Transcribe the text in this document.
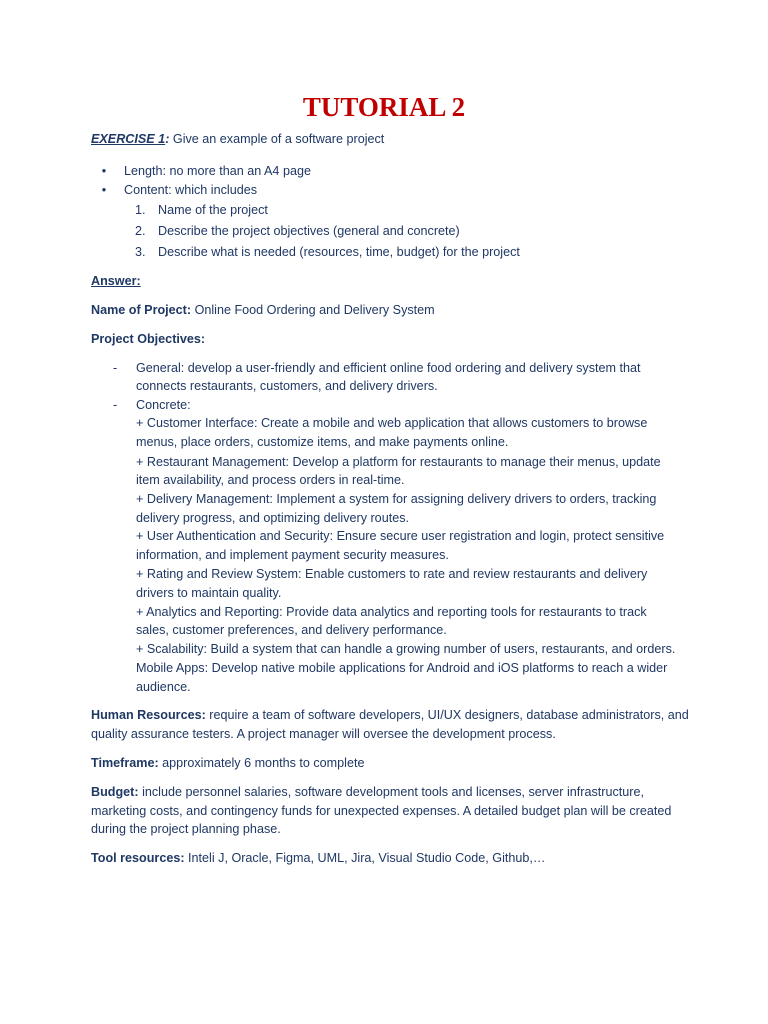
TUTORIAL 2
EXERCISE 1: Give an example of a software project
• Length: no more than an A4 page
• Content: which includes
1. Name of the project
2. Describe the project objectives (general and concrete)
3. Describe what is needed (resources, time, budget) for the project
Answer:
Name of Project: Online Food Ordering and Delivery System
Project Objectives:
- General: develop a user-friendly and efficient online food ordering and delivery system that
connects restaurants, customers, and delivery drivers.
- Concrete:
+ Customer Interface: Create a mobile and web application that allows customers to browse
menus, place orders, customize items, and make payments online.
+ Restaurant Management: Develop a platform for restaurants to manage their menus, update
item availability, and process orders in real-time.
+ Delivery Management: Implement a system for assigning delivery drivers to orders, tracking
delivery progress, and optimizing delivery routes.
+ User Authentication and Security: Ensure secure user registration and login, protect sensitive
information, and implement payment security measures.
+ Rating and Review System: Enable customers to rate and review restaurants and delivery
drivers to maintain quality.
+ Analytics and Reporting: Provide data analytics and reporting tools for restaurants to track
sales, customer preferences, and delivery performance.
+ Scalability: Build a system that can handle a growing number of users, restaurants, and orders.
Mobile Apps: Develop native mobile applications for Android and iOS platforms to reach a wider
audience.
Human Resources: require a team of software developers, UI/UX designers, database administrators, and
quality assurance testers. A project manager will oversee the development process.
Timeframe: approximately 6 months to complete
Budget: include personnel salaries, software development tools and licenses, server infrastructure,
marketing costs, and contingency funds for unexpected expenses. A detailed budget plan will be created
during the project planning phase.
Tool resources: Inteli J, Oracle, Figma, UML, Jira, Visual Studio Code, Github,…
